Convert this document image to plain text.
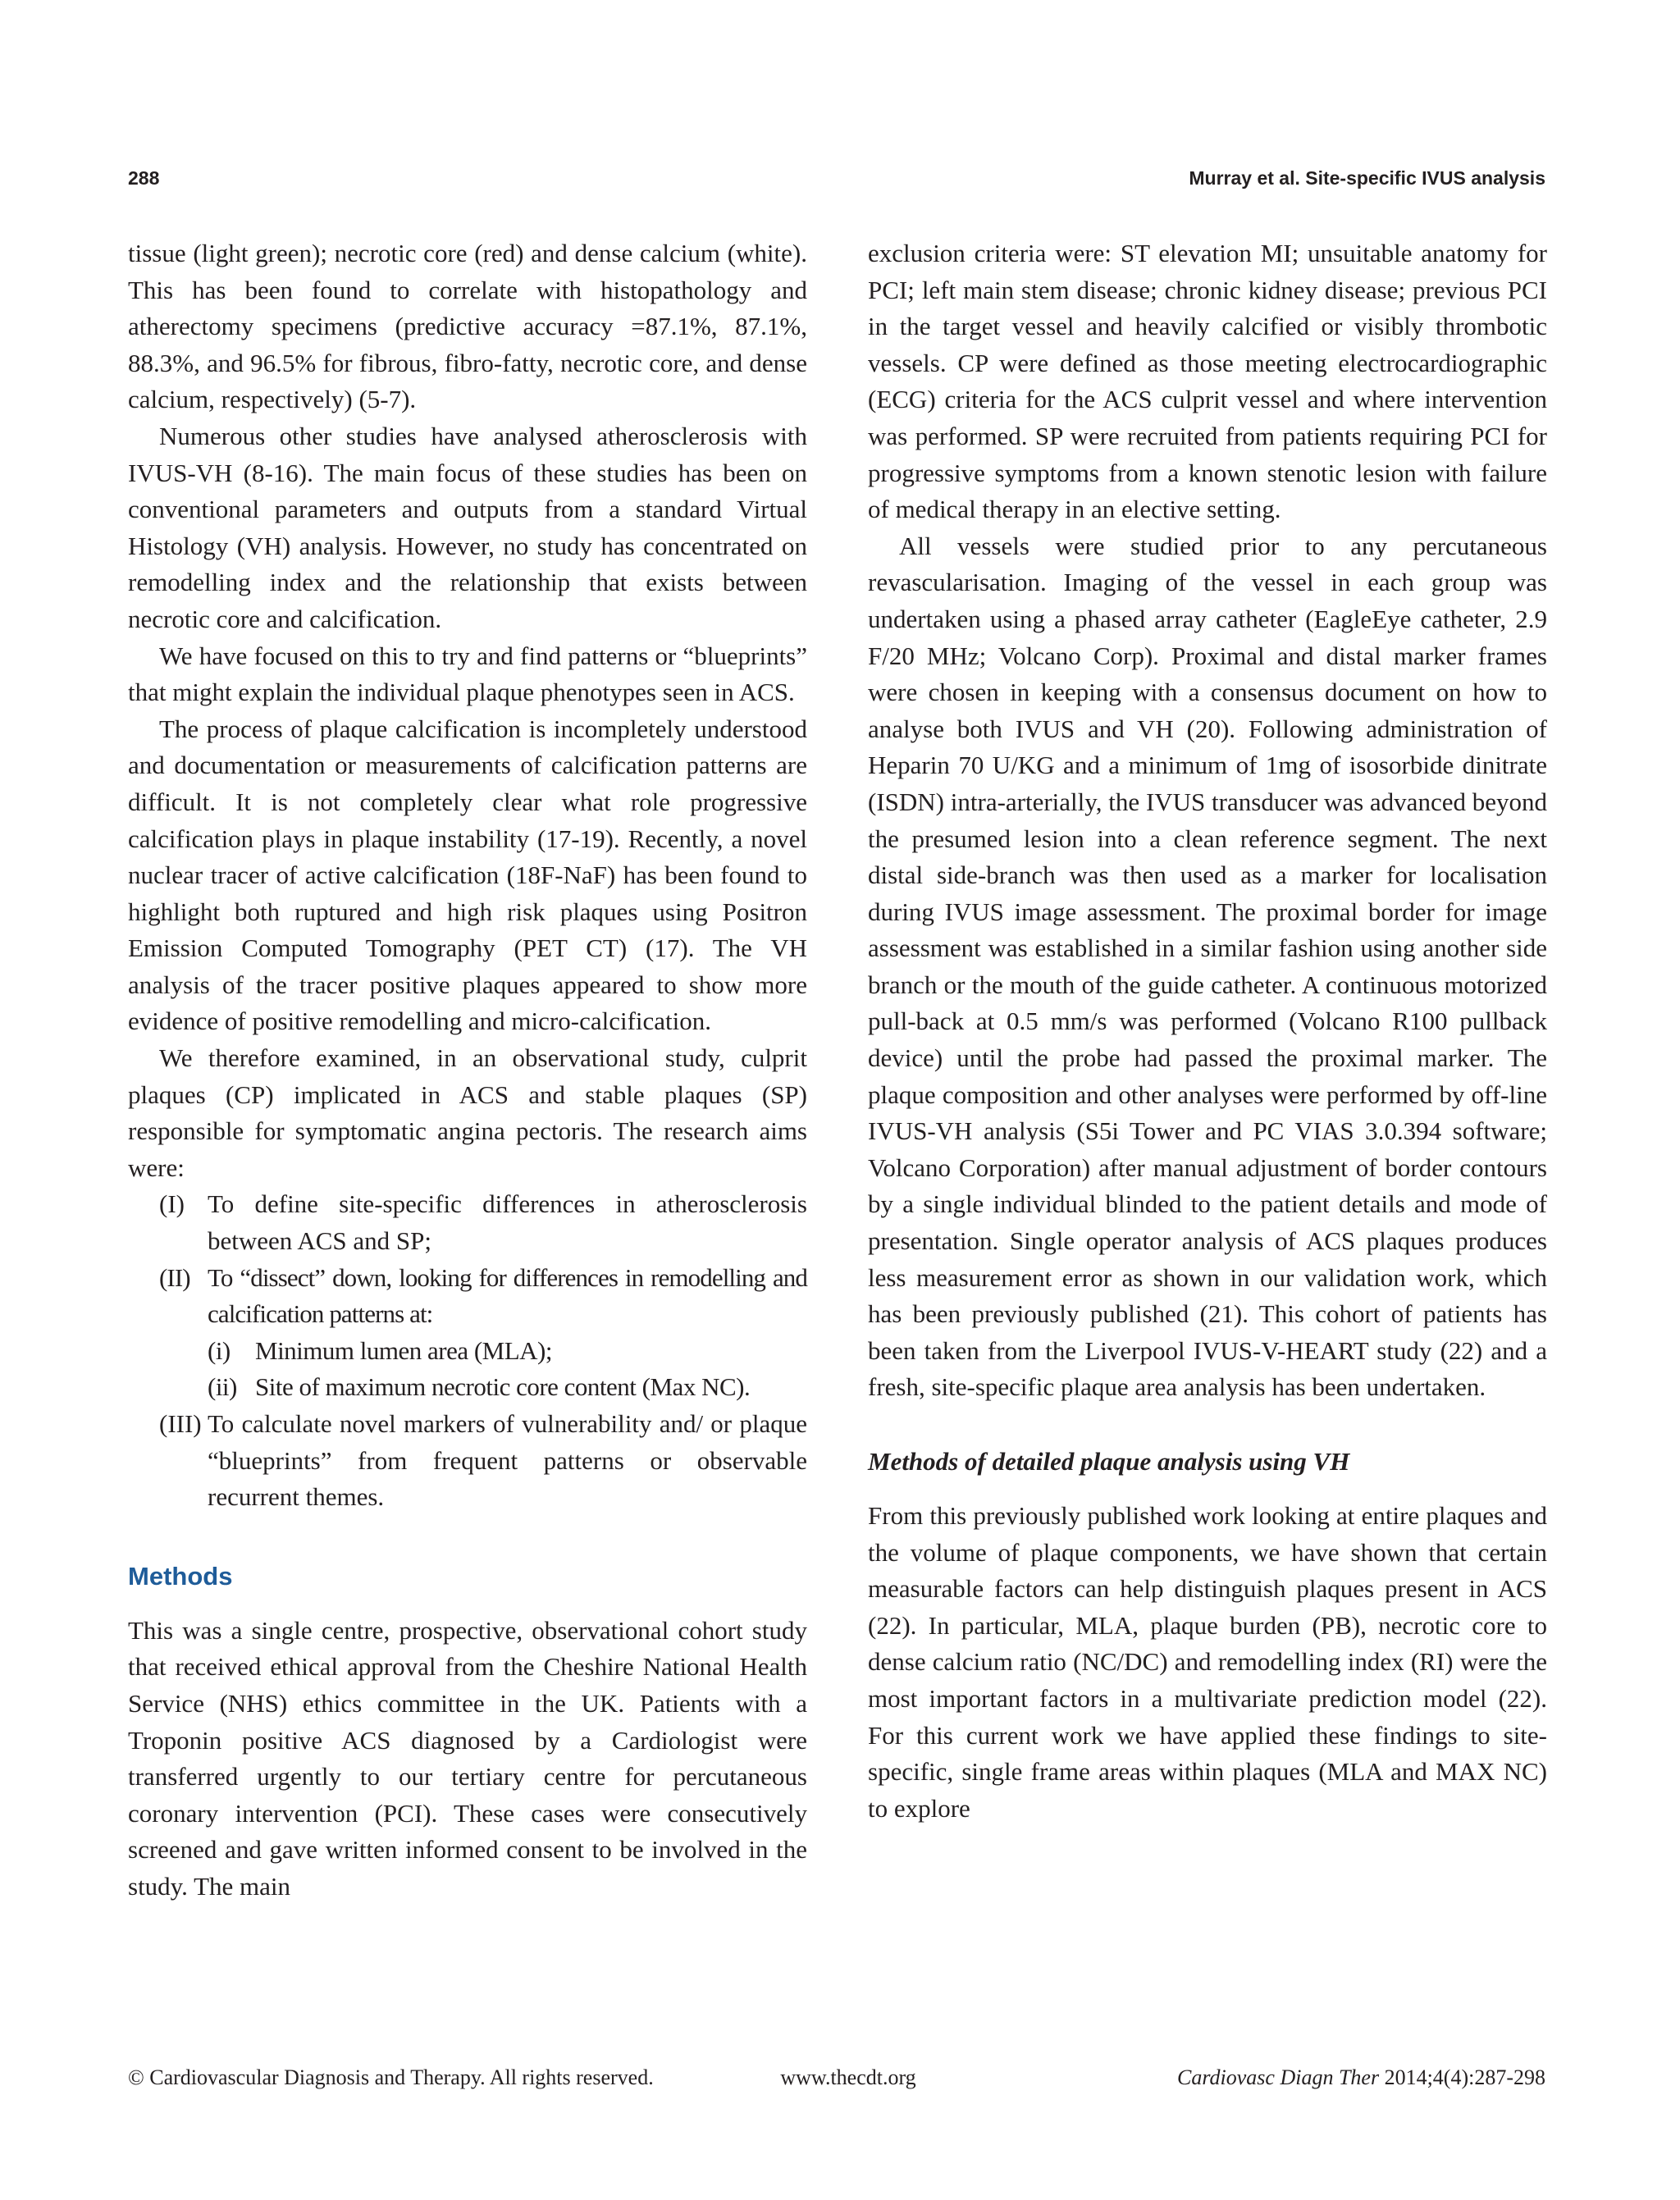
288	Murray et al. Site-specific IVUS analysis

tissue (light green); necrotic core (red) and dense calcium (white). This has been found to correlate with histopathology and atherectomy specimens (predictive accuracy =87.1%, 87.1%, 88.3%, and 96.5% for fibrous, fibro-fatty, necrotic core, and dense calcium, respectively) (5-7).

Numerous other studies have analysed atherosclerosis with IVUS-VH (8-16). The main focus of these studies has been on conventional parameters and outputs from a standard Virtual Histology (VH) analysis. However, no study has concentrated on remodelling index and the relationship that exists between necrotic core and calcification.

We have focused on this to try and find patterns or “blueprints” that might explain the individual plaque phenotypes seen in ACS.

The process of plaque calcification is incompletely understood and documentation or measurements of calcification patterns are difficult. It is not completely clear what role progressive calcification plays in plaque instability (17-19). Recently, a novel nuclear tracer of active calcification (18F-NaF) has been found to highlight both ruptured and high risk plaques using Positron Emission Computed Tomography (PET CT) (17). The VH analysis of the tracer positive plaques appeared to show more evidence of positive remodelling and micro-calcification.

We therefore examined, in an observational study, culprit plaques (CP) implicated in ACS and stable plaques (SP) responsible for symptomatic angina pectoris. The research aims were:

(I) To define site-specific differences in atherosclerosis between ACS and SP;
(II) To “dissect” down, looking for differences in remodelling and calcification patterns at:
(i) Minimum lumen area (MLA);
(ii) Site of maximum necrotic core content (Max NC).
(III) To calculate novel markers of vulnerability and/ or plaque “blueprints” from frequent patterns or observable recurrent themes.
Methods

This was a single centre, prospective, observational cohort study that received ethical approval from the Cheshire National Health Service (NHS) ethics committee in the UK. Patients with a Troponin positive ACS diagnosed by a Cardiologist were transferred urgently to our tertiary centre for percutaneous coronary intervention (PCI). These cases were consecutively screened and gave written informed consent to be involved in the study. The main

exclusion criteria were: ST elevation MI; unsuitable anatomy for PCI; left main stem disease; chronic kidney disease; previous PCI in the target vessel and heavily calcified or visibly thrombotic vessels. CP were defined as those meeting electrocardiographic (ECG) criteria for the ACS culprit vessel and where intervention was performed. SP were recruited from patients requiring PCI for progressive symptoms from a known stenotic lesion with failure of medical therapy in an elective setting.

All vessels were studied prior to any percutaneous revascularisation. Imaging of the vessel in each group was undertaken using a phased array catheter (EagleEye catheter, 2.9 F/20 MHz; Volcano Corp). Proximal and distal marker frames were chosen in keeping with a consensus document on how to analyse both IVUS and VH (20). Following administration of Heparin 70 U/KG and a minimum of 1mg of isosorbide dinitrate (ISDN) intra-arterially, the IVUS transducer was advanced beyond the presumed lesion into a clean reference segment. The next distal side-branch was then used as a marker for localisation during IVUS image assessment. The proximal border for image assessment was established in a similar fashion using another side branch or the mouth of the guide catheter. A continuous motorized pull-back at 0.5 mm/s was performed (Volcano R100 pullback device) until the probe had passed the proximal marker. The plaque composition and other analyses were performed by off-line IVUS-VH analysis (S5i Tower and PC VIAS 3.0.394 software; Volcano Corporation) after manual adjustment of border contours by a single individual blinded to the patient details and mode of presentation. Single operator analysis of ACS plaques produces less measurement error as shown in our validation work, which has been previously published (21). This cohort of patients has been taken from the Liverpool IVUS-V-HEART study (22) and a fresh, site-specific plaque area analysis has been undertaken.

Methods of detailed plaque analysis using VH

From this previously published work looking at entire plaques and the volume of plaque components, we have shown that certain measurable factors can help distinguish plaques present in ACS (22). In particular, MLA, plaque burden (PB), necrotic core to dense calcium ratio (NC/DC) and remodelling index (RI) were the most important factors in a multivariate prediction model (22). For this current work we have applied these findings to site-specific, single frame areas within plaques (MLA and MAX NC) to explore

© Cardiovascular Diagnosis and Therapy. All rights reserved.	www.thecdt.org	Cardiovasc Diagn Ther 2014;4(4):287-298
